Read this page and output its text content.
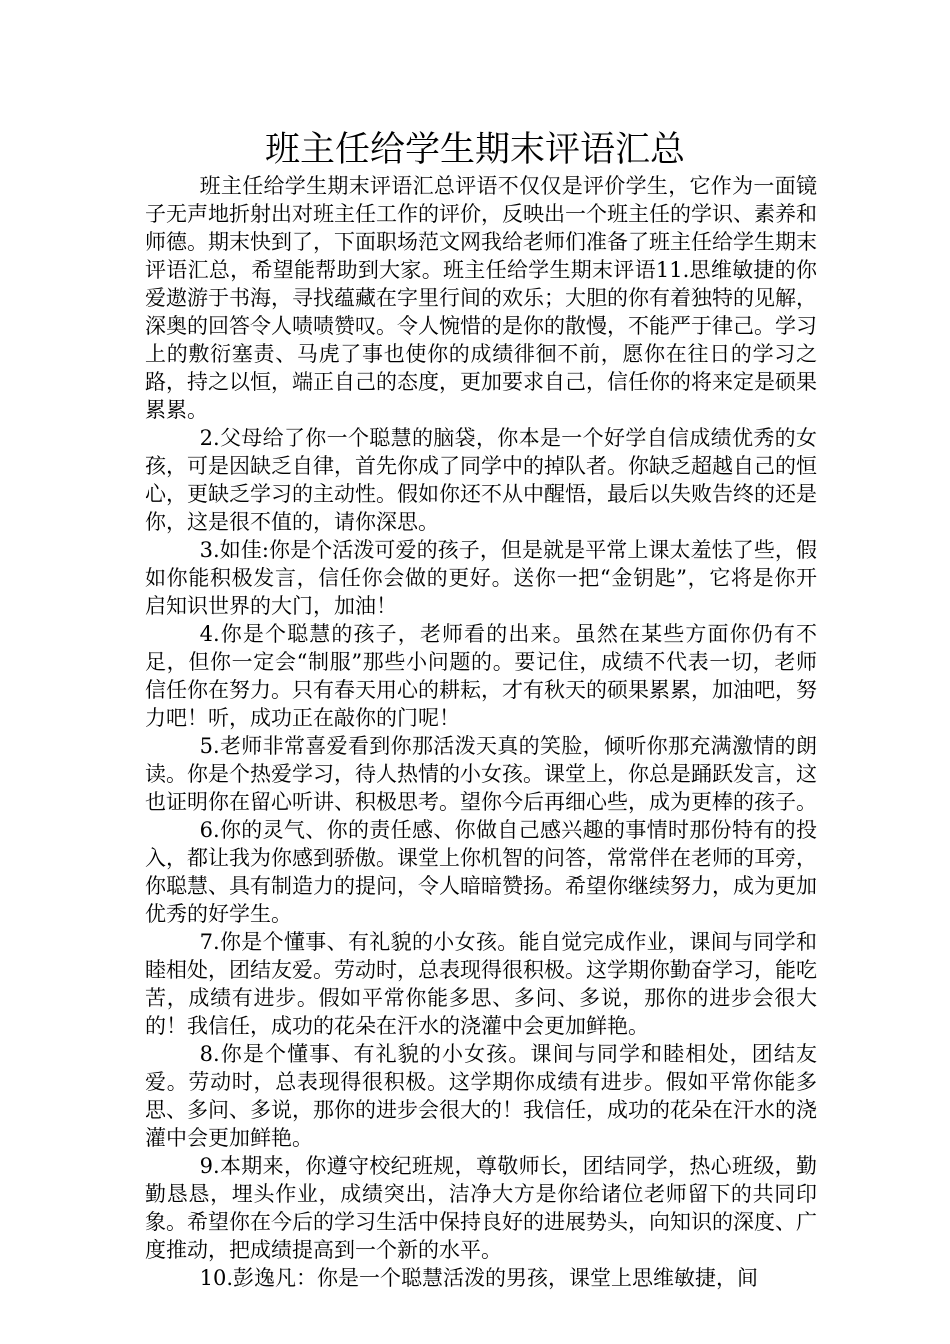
班主任给学生期末评语汇总

班主任给学生期末评语汇总评语不仅仅是评价学生，它作为一面镜子无声地折射出对班主任工作的评价，反映出一个班主任的学识、素养和师德。期末快到了，下面职场范文网我给老师们准备了班主任给学生期末评语汇总，希望能帮助到大家。班主任给学生期末评语11.思维敏捷的你爱遨游于书海，寻找蕴藏在字里行间的欢乐；大胆的你有着独特的见解，深奥的回答令人啧啧赞叹。令人惋惜的是你的散慢，不能严于律己。学习上的敷衍塞责、马虎了事也使你的成绩徘徊不前，愿你在往日的学习之路，持之以恒，端正自己的态度，更加要求自己，信任你的将来定是硕果累累。

2.父母给了你一个聪慧的脑袋，你本是一个好学自信成绩优秀的女孩，可是因缺乏自律，首先你成了同学中的掉队者。你缺乏超越自己的恒心，更缺乏学习的主动性。假如你还不从中醒悟，最后以失败告终的还是你，这是很不值的，请你深思。

3.如佳:你是个活泼可爱的孩子，但是就是平常上课太羞怯了些，假如你能积极发言，信任你会做的更好。送你一把“金钥匙”，它将是你开启知识世界的大门，加油！

4.你是个聪慧的孩子，老师看的出来。虽然在某些方面你仍有不足，但你一定会“制服”那些小问题的。要记住，成绩不代表一切，老师信任你在努力。只有春天用心的耕耘，才有秋天的硕果累累，加油吧，努力吧！听，成功正在敲你的门呢！

5.老师非常喜爱看到你那活泼天真的笑脸，倾听你那充满激情的朗读。你是个热爱学习，待人热情的小女孩。课堂上，你总是踊跃发言，这也证明你在留心听讲、积极思考。望你今后再细心些，成为更棒的孩子。

6.你的灵气、你的责任感、你做自己感兴趣的事情时那份特有的投入，都让我为你感到骄傲。课堂上你机智的问答，常常伴在老师的耳旁，你聪慧、具有制造力的提问，令人暗暗赞扬。希望你继续努力，成为更加优秀的好学生。

7.你是个懂事、有礼貌的小女孩。能自觉完成作业，课间与同学和睦相处，团结友爱。劳动时，总表现得很积极。这学期你勤奋学习，能吃苦，成绩有进步。假如平常你能多思、多问、多说，那你的进步会很大的！我信任，成功的花朵在汗水的浇灌中会更加鲜艳。

8.你是个懂事、有礼貌的小女孩。课间与同学和睦相处，团结友爱。劳动时，总表现得很积极。这学期你成绩有进步。假如平常你能多思、多问、多说，那你的进步会很大的！我信任，成功的花朵在汗水的浇灌中会更加鲜艳。

9.本期来，你遵守校纪班规，尊敬师长，团结同学，热心班级，勤勤恳恳，埋头作业，成绩突出，洁净大方是你给诸位老师留下的共同印象。希望你在今后的学习生活中保持良好的进展势头，向知识的深度、广度推动，把成绩提高到一个新的水平。

10.彭逸凡：你是一个聪慧活泼的男孩，课堂上思维敏捷，间
